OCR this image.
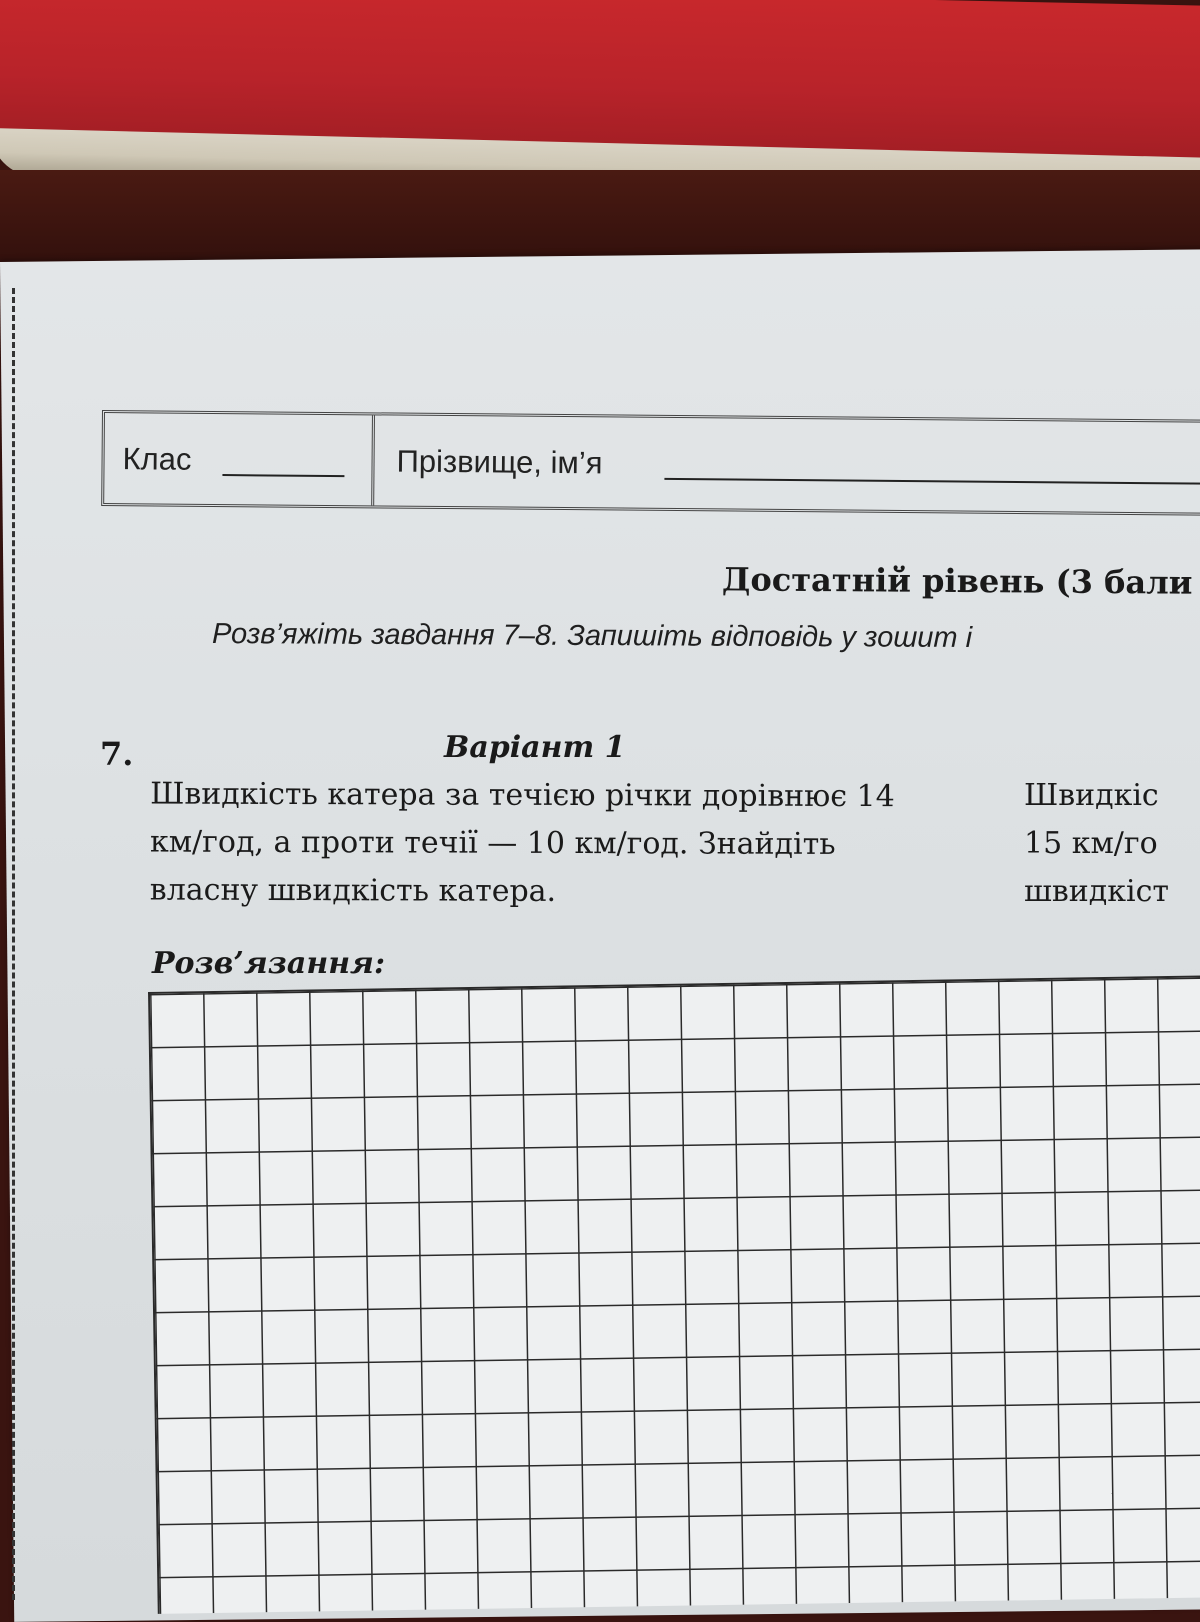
Клас	Прізвище, ім’я
Достатній рівень (3 бали
Розв’яжіть завдання 7–8. Запишіть відповідь у зошит і
7.	Варіант 1
Швидкість катера за течією річки дорівнює 14
км/год, а проти течії — 10 км/год. Знайдіть
власну швидкість катера.
Швидкіс
15 км/го
швидкіст
Розв’язання:
